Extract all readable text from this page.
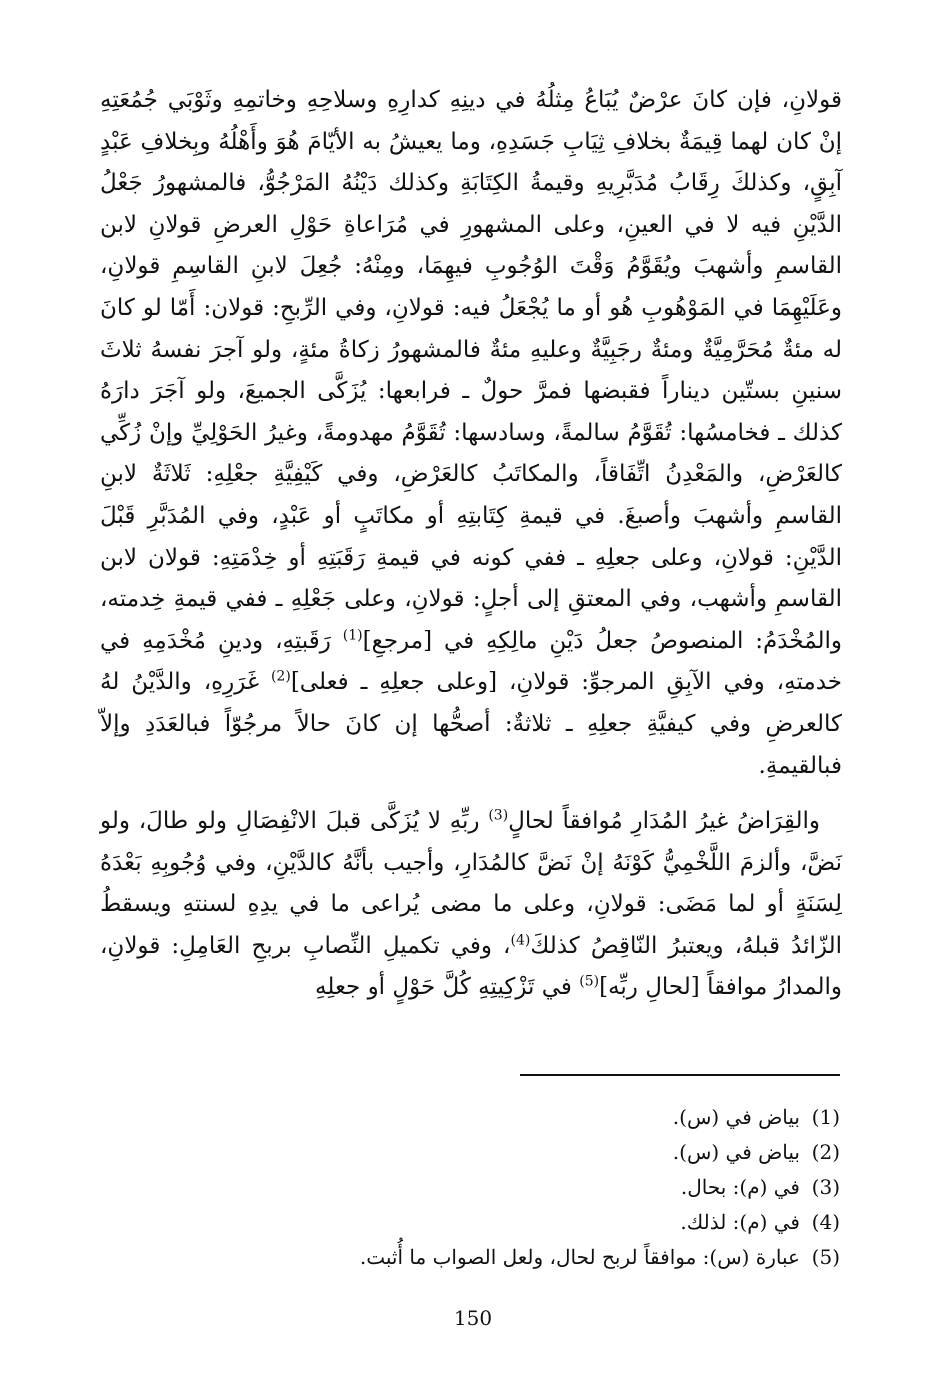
قولانِ، فإن كانَ عرْضٌ يُبَاعُ مِثلُهُ في دينِهِ كدارِهِ وسلاحِهِ وخاتمِهِ وثَوْبَي جُمُعَتِهِ إنْ كان لهما قِيمَةٌ بخلافِ ثِيَابِ جَسَدِهِ، وما يعيشُ به الأيّامَ هُوَ وأَهْلُهُ وبِخلافِ عَبْدٍ آبِقٍ، وكذلكَ رِقَابُ مُدَبَّرِيهِ وقيمةُ الكِتَابَةِ وكذلك دَيْنُهُ المَرْجُوُّ، فالمشهورُ جَعْلُ الدَّيْنِ فيه لا في العينِ، وعلى المشهورِ في مُرَاعاةِ حَوْلِ العرضِ قولانِ لابن القاسمِ وأشهبَ ويُقَوَّمُ وَقْتَ الوُجُوبِ فيهِمَا، ومِنْهُ: جُعِلَ لابنِ القاسِمِ قولانِ، وعَلَيْهِمَا في المَوْهُوبِ هُو أو ما يُجْعَلُ فيه: قولانِ، وفي الرِّبحِ: قولان: أَمّا لو كانَ له مئةٌ مُحَرَّمِيَّةٌ ومئةٌ رجَبِيَّةٌ وعليهِ مئةٌ فالمشهورُ زكاةُ مئةٍ، ولو آجرَ نفسهُ ثلاثَ سنينِ بستّين ديناراً فقبضها فمرَّ حولٌ ـ فرابعها: يُزَكَّى الجميعَ، ولو آجَرَ دارَهُ كذلك ـ فخامسُها: تُقَوَّمُ سالمةً، وسادسها: تُقَوَّمُ مهدومةً، وغيرُ الحَوْلِيِّ وإنْ زُكِّي كالعَرْضِ، والمَعْدِنُ اتِّفَاقاً، والمكاتَبُ كالعَرْضِ، وفي كَيْفِيَّةِ جعْلِهِ: ثَلاثَةٌ لابنِ القاسمِ وأشهبَ وأصبغَ. في قيمةِ كِتَابتِهِ أو مكاتَبٍ أو عَبْدٍ، وفي المُدَبَّرِ قَبْلَ الدَّيْنِ: قولانِ، وعلى جعلِهِ ـ ففي كونه في قيمةِ رَقَبَتِهِ أو خِدْمَتِهِ: قولان لابن القاسمِ وأشهب، وفي المعتقِ إلى أجلٍ: قولانِ، وعلى جَعْلِهِ ـ ففي قيمةِ خِدمته، والمُخْدَمُ: المنصوصُ جعلُ دَيْنِ مالِكِهِ في [مرجعِ]$^{(1)}$ رَقَبتِهِ، ودينِ مُخْدَمِهِ في خدمتهِ، وفي الآبِقِ المرجوِّ: قولانِ، [وعلى جعلِهِ ـ فعلى]$^{(2)}$ غَرَرِهِ، والدَّيْنُ لهُ كالعرضِ وفي كيفيَّةِ جعلِهِ ـ ثلاثةٌ: أصحُّها إن كانَ حالاً مرجُوّاً فبالعَدَدِ وإلاّ فبالقيمةِ.

والقِرَاضُ غيرُ المُدَارِ مُوافقاً لحالٍ$^{(3)}$ ربِّهِ لا يُزَكَّى قبلَ الانْفِصَالِ ولو طالَ، ولو نَضَّ، وألزمَ اللَّخْمِيُّ كَوْنَهُ إنْ نَضَّ كالمُدَارِ، وأجيب بأنَّهُ كالدَّيْنِ، وفي وُجُوبِهِ بَعْدَهُ لِسَنَةٍ أو لما مَضَى: قولانِ، وعلى ما مضى يُراعى ما في يدِهِ لسنتهِ ويسقطُ الزّائدُ قبلهُ، ويعتبرُ النّاقِصُ كذلكَ$^{(4)}$، وفي تكميلِ النِّصابِ بربحِ العَامِلِ: قولانِ، والمدارُ موافقاً [لحالِ ربِّه]$^{(5)}$ في تَزْكِيتِهِ كُلَّ حَوْلٍ أو جعلِهِ

(1)
بياض في (س).
(2)
بياض في (س).
(3)
في (م): بحال.
(4)
في (م): لذلك.
(5)
عبارة (س): موافقاً لربح لحال، ولعل الصواب ما أُثبت.
150
